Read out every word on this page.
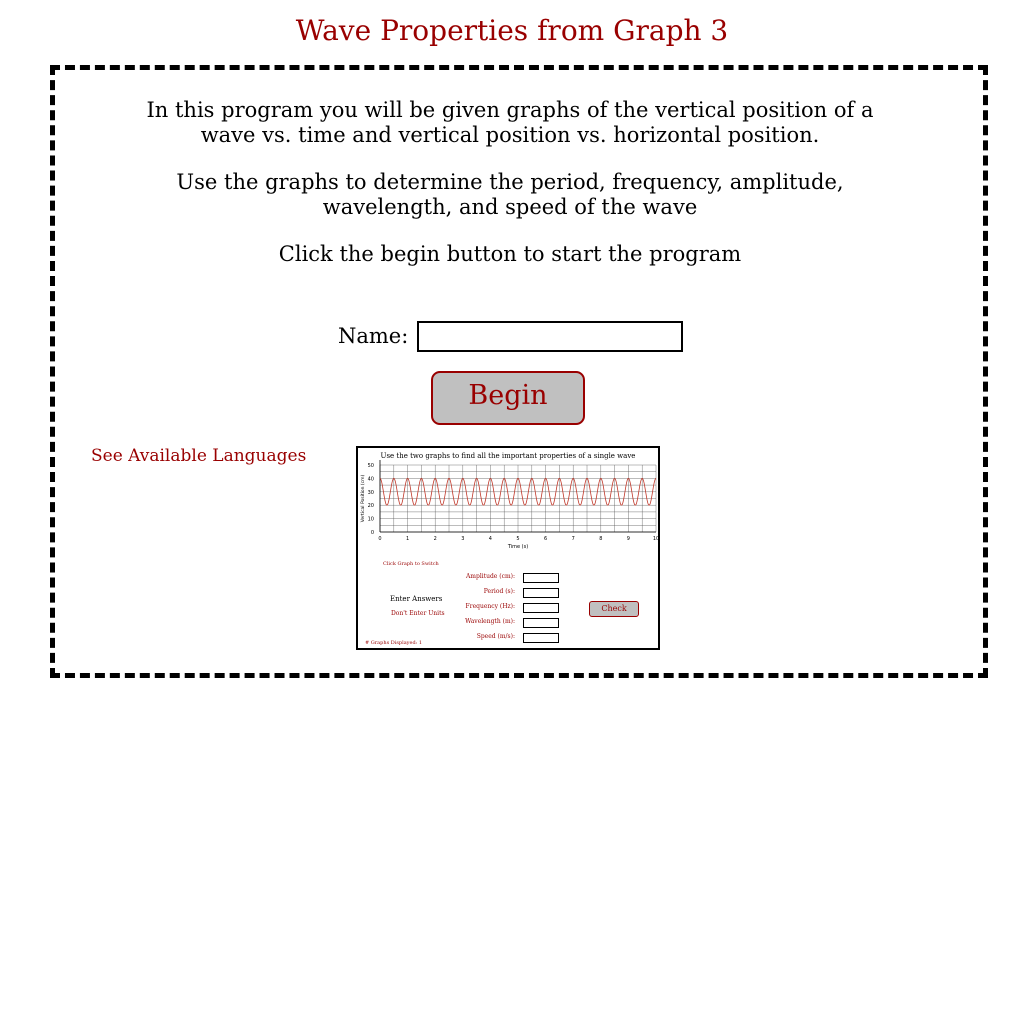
Wave Properties from Graph 3
In this program you will be given graphs of the vertical position of a
wave vs. time and vertical position vs. horizontal position.
Use the graphs to determine the period, frequency, amplitude,
wavelength, and speed of the wave
Click the begin button to start the program
Name:
Begin
See Available Languages	Use the two graphs to find all the important properties of a single wave
0
10
20
30
40
50
0	1	2	3	4	5	6	7	8	9	10
Time (s)
Vertical Position (cm)
Click Graph to Switch
Enter Answers
Don't Enter Units
# Graphs Displayed: 1
Amplitude (cm):
Period (s):
Frequency (Hz):
Wavelength (m):
Speed (m/s):
Check
